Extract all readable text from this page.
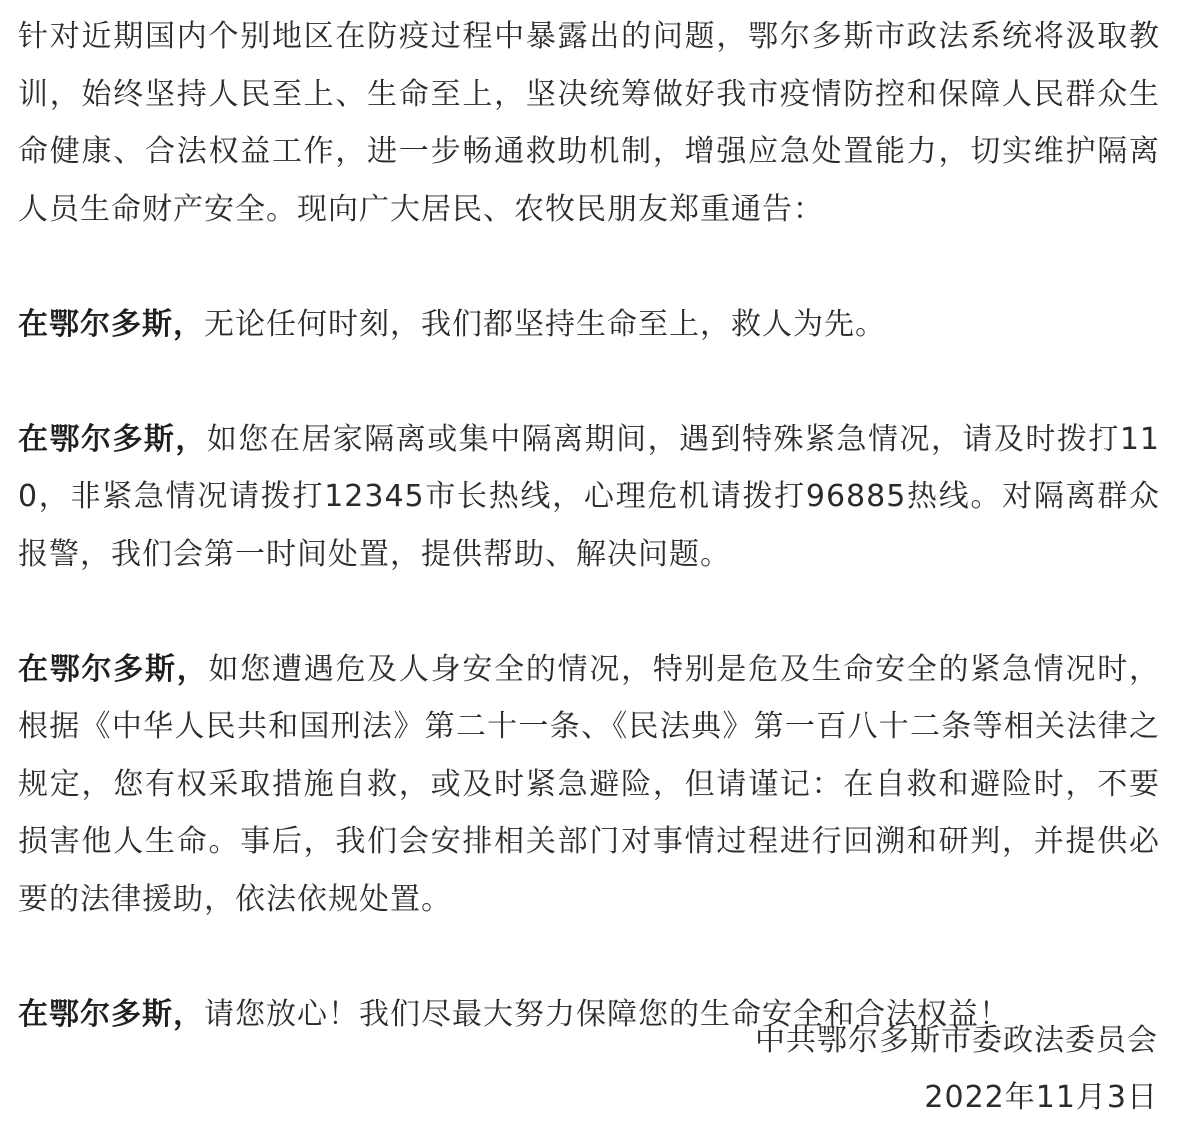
针对近期国内个别地区在防疫过程中暴露出的问题，鄂尔多斯市政法系统将汲取教训，始终坚持人民至上、生命至上，坚决统筹做好我市疫情防控和保障人民群众生命健康、合法权益工作，进一步畅通救助机制，增强应急处置能力，切实维护隔离人员生命财产安全。现向广大居民、农牧民朋友郑重通告：

在鄂尔多斯，无论任何时刻，我们都坚持生命至上，救人为先。

在鄂尔多斯，如您在居家隔离或集中隔离期间，遇到特殊紧急情况，请及时拨打110，非紧急情况请拨打12345市长热线，心理危机请拨打96885热线。对隔离群众报警，我们会第一时间处置，提供帮助、解决问题。

在鄂尔多斯，如您遭遇危及人身安全的情况，特别是危及生命安全的紧急情况时，根据《中华人民共和国刑法》第二十一条、《民法典》第一百八十二条等相关法律之规定，您有权采取措施自救，或及时紧急避险，但请谨记：在自救和避险时，不要损害他人生命。事后，我们会安排相关部门对事情过程进行回溯和研判，并提供必要的法律援助，依法依规处置。

在鄂尔多斯，请您放心！我们尽最大努力保障您的生命安全和合法权益！

中共鄂尔多斯市委政法委员会
2022年11月3日
